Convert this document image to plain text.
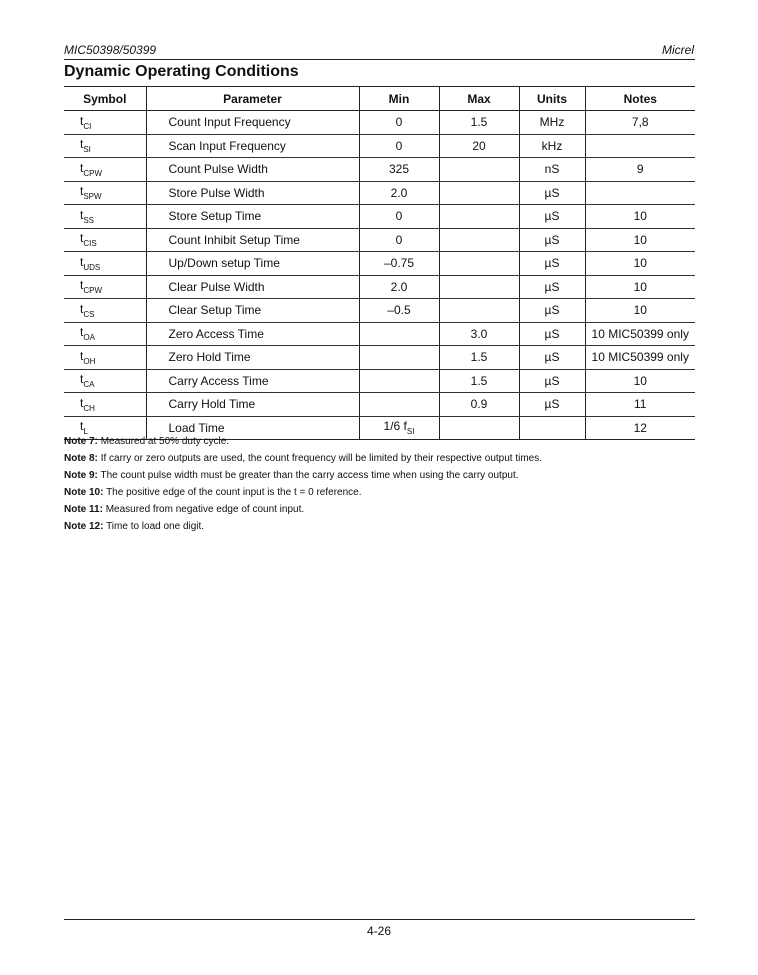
MIC50398/50399	Micrel
Dynamic Operating Conditions
Symbol	Parameter	Min	Max	Units	Notes
$t_{CI}$	Count Input Frequency	0	1.5	MHz	7,8
$t_{SI}$	Scan Input Frequency	0	20	kHz	
$t_{CPW}$	Count Pulse Width	325		nS	9
$t_{SPW}$	Store Pulse Width	2.0		µS	
$t_{SS}$	Store Setup Time	0		µS	10
$t_{CIS}$	Count Inhibit Setup Time	0		µS	10
$t_{UDS}$	Up/Down setup Time	–0.75		µS	10
$t_{CPW}$	Clear Pulse Width	2.0		µS	10
$t_{CS}$	Clear Setup Time	–0.5		µS	10
$t_{OA}$	Zero Access Time		3.0	µS	10 MIC50399 only
$t_{OH}$	Zero Hold Time		1.5	µS	10 MIC50399 only
$t_{CA}$	Carry Access Time		1.5	µS	10
$t_{CH}$	Carry Hold Time		0.9	µS	11
$t_L$	Load Time	1/6 $f_{SI}$			12
Note 7: Measured at 50% duty cycle.
Note 8: If carry or zero outputs are used, the count frequency will be limited by their respective output times.
Note 9: The count pulse width must be greater than the carry access time when using the carry output.
Note 10: The positive edge of the count input is the t = 0 reference.
Note 11: Measured from negative edge of count input.
Note 12: Time to load one digit.
4-26
